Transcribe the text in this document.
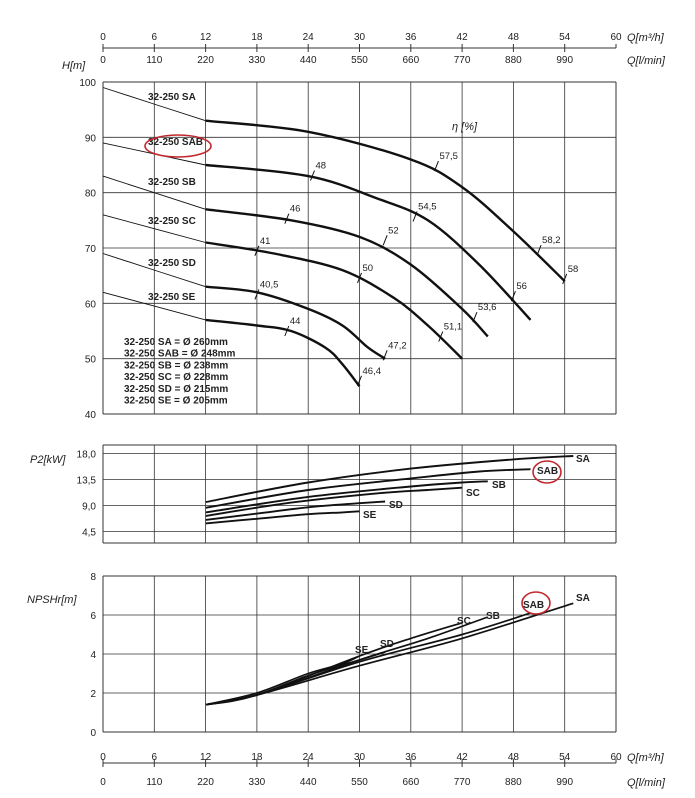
0	6	12	18	24	30	36	42	48	54	60
0	110	220	330	440	550	660	770	880	990
Q[m³/h]
Q[l/min]
0	6	12	18	24	30	36	42	48	54	60
0	110	220	330	440	550	660	770	880	990
Q[m³/h]
Q[l/min]
100
90
80
70
60
50
40
H[m]
η [%]
32-250 SA
32-250 SAB
32-250 SB
32-250 SC
32-250 SD
32-250 SE
48
57,5
58,2
58
46	54,5
56
41
52
53,6
40,5
50
51,1
44
47,2
46,4
32-250 SA = Ø 260mm
32-250 SAB = Ø 248mm
32-250 SB = Ø 238mm
32-250 SC = Ø 228mm
32-250 SD = Ø 215mm
32-250 SE = Ø 205mm
18,0
13,5
9,0
4,5
P2[kW]	SA
SAB
SB
SC
SD
SE
8
6
4
2
0
NPSHr[m]	SA
SAB
SB
SC
SD
SE
